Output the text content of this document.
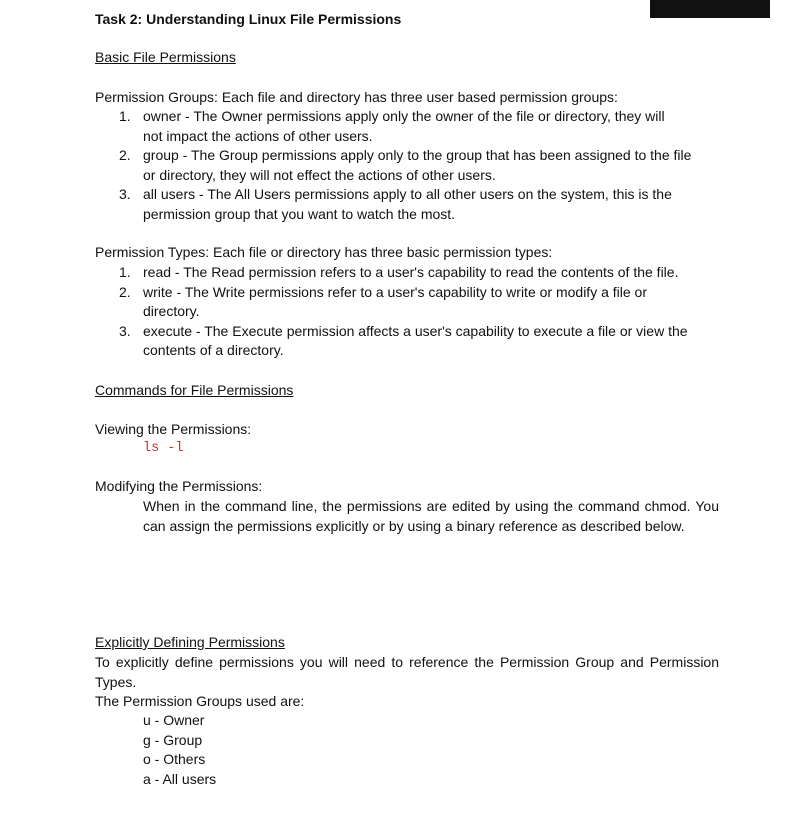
Task 2: Understanding Linux File Permissions
Basic File Permissions
Permission Groups: Each file and directory has three user based permission groups:
1. owner - The Owner permissions apply only the owner of the file or directory, they will
not impact the actions of other users.
2. group - The Group permissions apply only to the group that has been assigned to the file
or directory, they will not effect the actions of other users.
3. all users - The All Users permissions apply to all other users on the system, this is the
permission group that you want to watch the most.
Permission Types: Each file or directory has three basic permission types:
1. read - The Read permission refers to a user's capability to read the contents of the file.
2. write - The Write permissions refer to a user's capability to write or modify a file or
directory.
3. execute - The Execute permission affects a user's capability to execute a file or view the
contents of a directory.
Commands for File Permissions
Viewing the Permissions:
ls -l
Modifying the Permissions:
When in the command line, the permissions are edited by using the command chmod. You can assign the permissions explicitly or by using a binary reference as described below.
Explicitly Defining Permissions
To explicitly define permissions you will need to reference the Permission Group and Permission Types.
The Permission Groups used are:
u - Owner
g - Group
o - Others
a - All users
